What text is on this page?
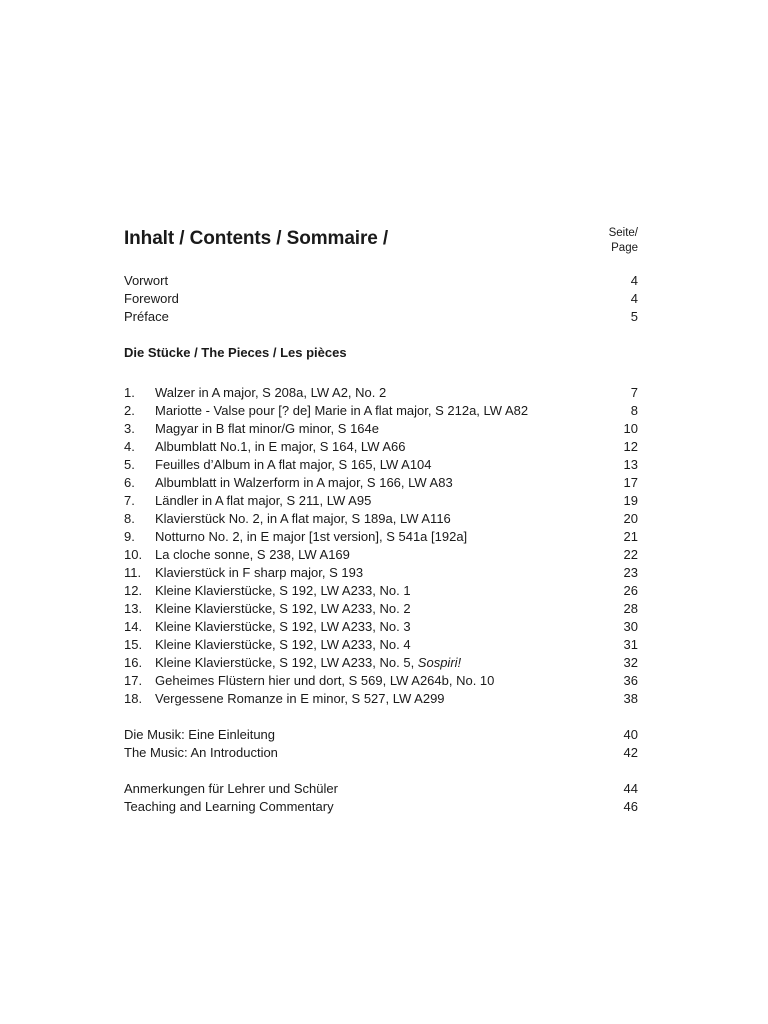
Inhalt / Contents / Sommaire /	Seite/
Page
Vorwort	4
Foreword	4
Préface	5
Die Stücke / The Pieces / Les pièces
1. Walzer in A major, S 208a, LW A2, No. 2	7
2. Mariotte - Valse pour [? de] Marie in A flat major, S 212a, LW A82	8
3. Magyar in B flat minor/G minor, S 164e	10
4. Albumblatt No.1, in E major, S 164, LW A66	12
5. Feuilles d’Album in A flat major, S 165, LW A104	13
6. Albumblatt in Walzerform in A major, S 166, LW A83	17
7. Ländler in A flat major, S 211, LW A95	19
8. Klavierstück No. 2, in A flat major, S 189a, LW A116	20
9. Notturno No. 2, in E major [1st version], S 541a [192a]	21
10. La cloche sonne, S 238, LW A169	22
11. Klavierstück in F sharp major, S 193	23
12. Kleine Klavierstücke, S 192, LW A233, No. 1	26
13. Kleine Klavierstücke, S 192, LW A233, No. 2	28
14. Kleine Klavierstücke, S 192, LW A233, No. 3	30
15. Kleine Klavierstücke, S 192, LW A233, No. 4	31
16. Kleine Klavierstücke, S 192, LW A233, No. 5, Sospiri!	32
17. Geheimes Flüstern hier und dort, S 569, LW A264b, No. 10	36
18. Vergessene Romanze in E minor, S 527, LW A299	38
Die Musik: Eine Einleitung	40
The Music: An Introduction	42
Anmerkungen für Lehrer und Schüler	44
Teaching and Learning Commentary	46
